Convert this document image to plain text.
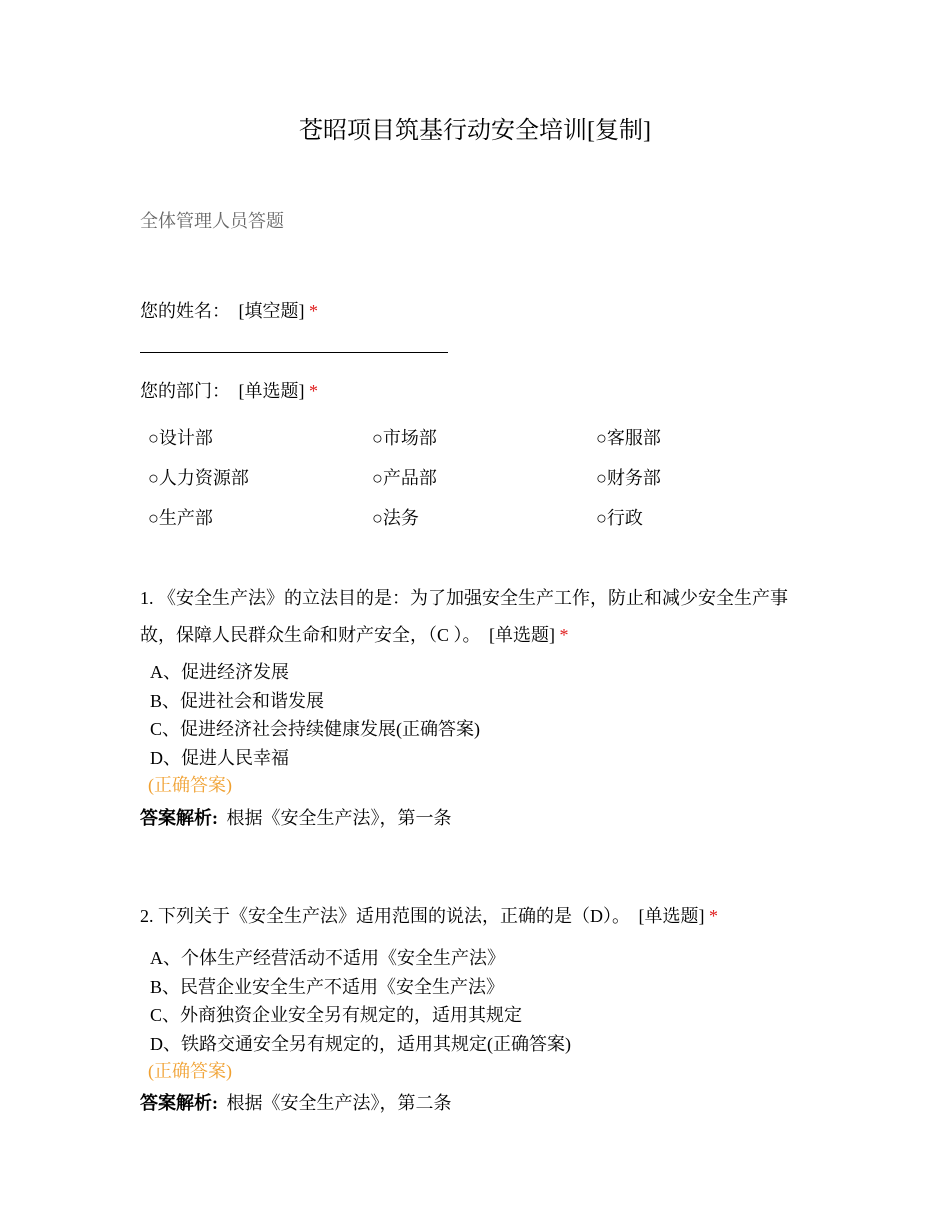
苍昭项目筑基行动安全培训[复制]
全体管理人员答题
您的姓名： [填空题] *
您的部门： [单选题] *
○设计部	○市场部	○客服部
○人力资源部	○产品部	○财务部
○生产部	○法务	○行政
1. 《安全生产法》的立法目的是：为了加强安全生产工作，防止和减少安全生产事故，保障人民群众生命和财产安全，（C ）。 [单选题] *
A、促进经济发展
B、促进社会和谐发展
C、促进经济社会持续健康发展(正确答案)
D、促进人民幸福
(正确答案)
答案解析: 根据《安全生产法》，第一条
2. 下列关于《安全生产法》适用范围的说法，正确的是（D）。 [单选题] *
A、个体生产经营活动不适用《安全生产法》
B、民营企业安全生产不适用《安全生产法》
C、外商独资企业安全另有规定的，适用其规定
D、铁路交通安全另有规定的，适用其规定(正确答案)
(正确答案)
答案解析: 根据《安全生产法》，第二条
